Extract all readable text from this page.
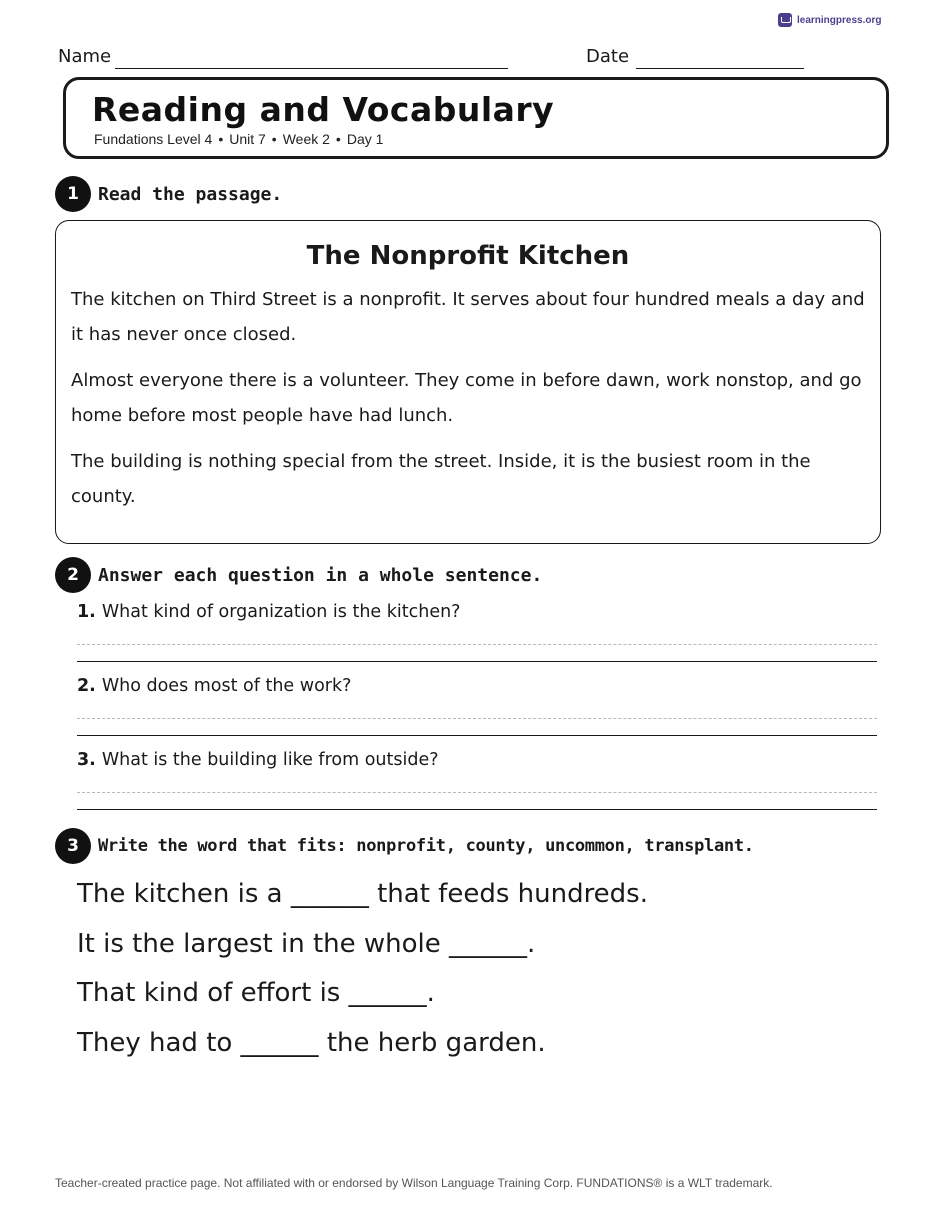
learningpress.org
Name	Date
Reading and Vocabulary
Fundations Level 4 • Unit 7 • Week 2 • Day 1
1	Read the passage.
The Nonprofit Kitchen

The kitchen on Third Street is a nonprofit. It serves about four hundred meals a day and it has never once closed.

Almost everyone there is a volunteer. They come in before dawn, work nonstop, and go home before most people have had lunch.

The building is nothing special from the street. Inside, it is the busiest room in the county.

2	Answer each question in a whole sentence.
1. What kind of organization is the kitchen?
2. Who does most of the work?
3. What is the building like from outside?
3	Write the word that fits: nonprofit, county, uncommon, transplant.
The kitchen is a ______ that feeds hundreds.
It is the largest in the whole ______.
That kind of effort is ______.
They had to ______ the herb garden.
Teacher-created practice page. Not affiliated with or endorsed by Wilson Language Training Corp. FUNDATIONS® is a WLT trademark.
